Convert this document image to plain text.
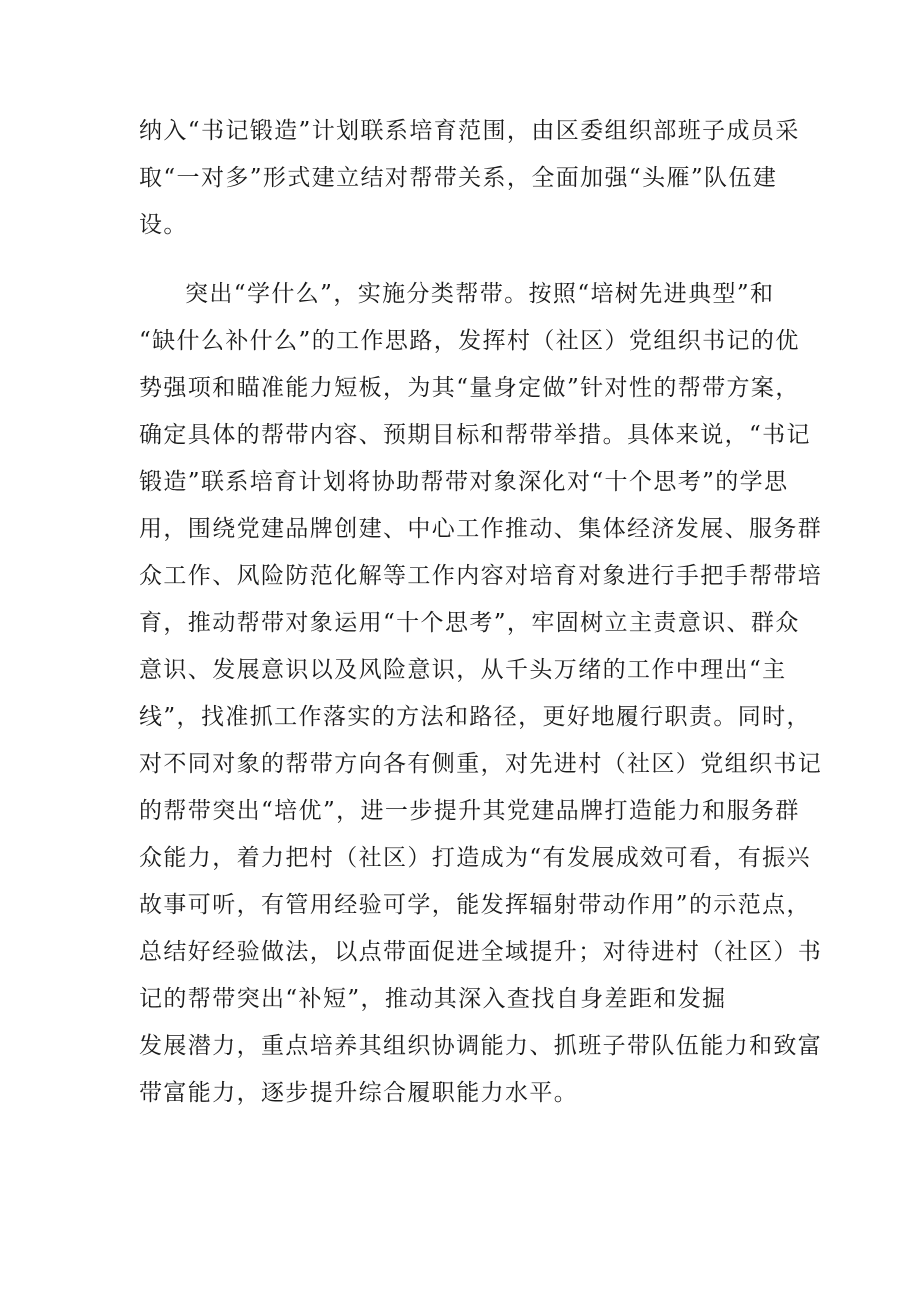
纳入“书记锻造”计划联系培育范围，由区委组织部班子成员采
取“一对多”形式建立结对帮带关系，全面加强“头雁”队伍建
设。
突出“学什么”，实施分类帮带。按照“培树先进典型”和
“缺什么补什么”的工作思路，发挥村（社区）党组织书记的优
势强项和瞄准能力短板，为其“量身定做”针对性的帮带方案，
确定具体的帮带内容、预期目标和帮带举措。具体来说，“书记
锻造”联系培育计划将协助帮带对象深化对“十个思考”的学思
用，围绕党建品牌创建、中心工作推动、集体经济发展、服务群
众工作、风险防范化解等工作内容对培育对象进行手把手帮带培
育，推动帮带对象运用“十个思考”，牢固树立主责意识、群众
意识、发展意识以及风险意识，从千头万绪的工作中理出“主
线”，找准抓工作落实的方法和路径，更好地履行职责。同时，
对不同对象的帮带方向各有侧重，对先进村（社区）党组织书记
的帮带突出“培优”，进一步提升其党建品牌打造能力和服务群
众能力，着力把村（社区）打造成为“有发展成效可看，有振兴
故事可听，有管用经验可学，能发挥辐射带动作用”的示范点，
总结好经验做法，以点带面促进全域提升；对待进村（社区）书
记的帮带突出“补短”，推动其深入查找自身差距和发掘
发展潜力，重点培养其组织协调能力、抓班子带队伍能力和致富
带富能力，逐步提升综合履职能力水平。
